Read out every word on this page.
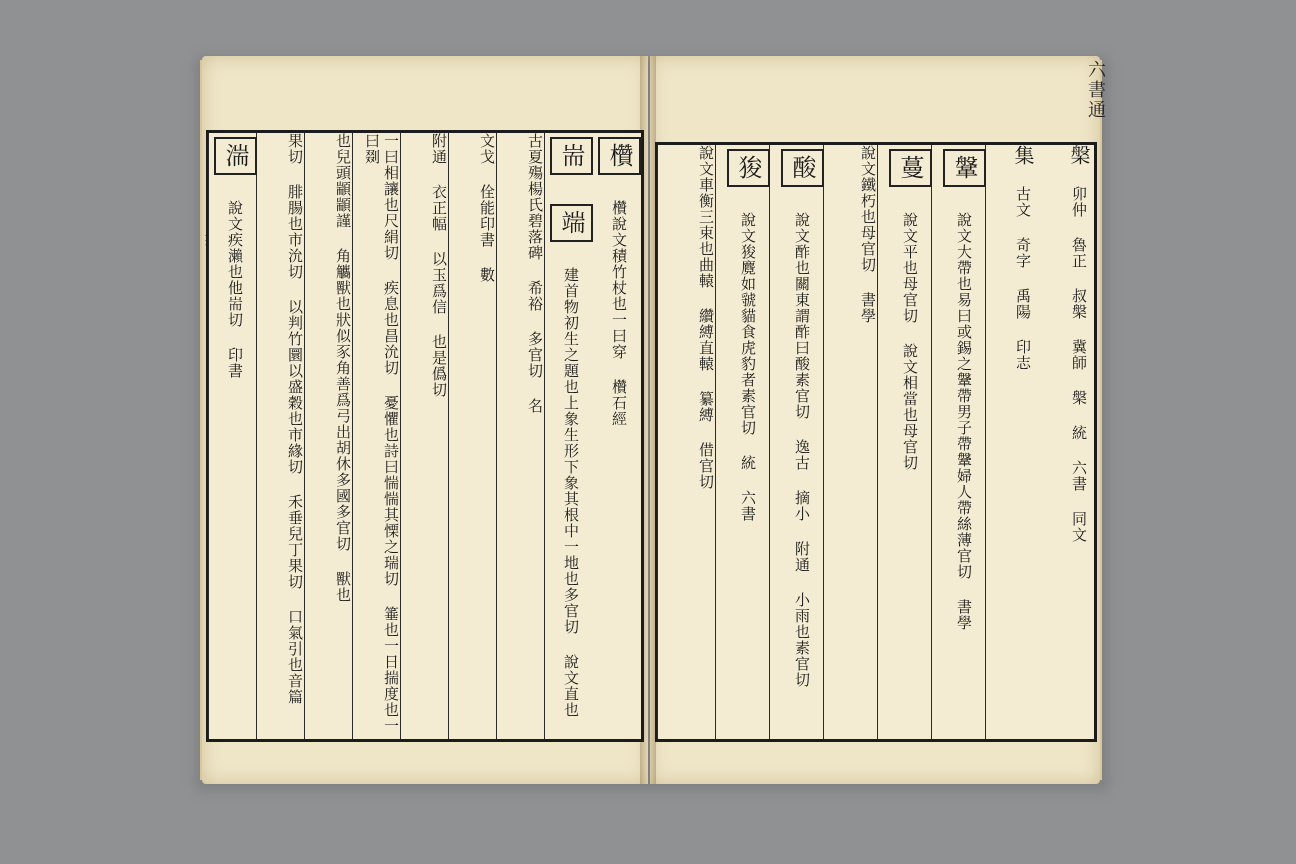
六書通
欑 欑說文積竹杖也一曰穿 欑石經
耑 端 建首物初生之題也上象生形下象其根中一地也多官切 說文直也
古夏殤楊氏碧落碑 希裕 多官切 名
文戈 佺能印書 數
附通 衣正幅 以玉爲信 也是僞切
一曰相讓也尺絹切 疾息也昌沇切 憂懼也詩曰惴惴其慄之瑞切 箠也一日揣度也一曰剟
也兒頭顓顓謹 角觿獸也狀似豕角善爲弓出胡休多國多官切 獸也
果切 腓腸也市沇切 以判竹圜以盛穀也市緣切 禾垂兒丁果切 口氣引也音篇
湍 說文疾瀨也他耑切 印書
槃 卯仲 魯正 叔槃 冀師 槃 統 六書 同文
集 古文 奇字 禹陽 印志
鞶 說文大帶也易曰或錫之鞶帶男子帶鞶婦人帶絲薄官切 書學
蔓 說文平也母官切 說文相當也母官切
說文鐵朽也母官切 書學
酸 說文酢也關東謂酢曰酸素官切 逸古 摘小 附通 小雨也素官切
狻 說文狻麑如虢貓食虎豹者素官切 統 六書
說文車衡三束也曲轅 纘縛直轅 纂縛 借官切
